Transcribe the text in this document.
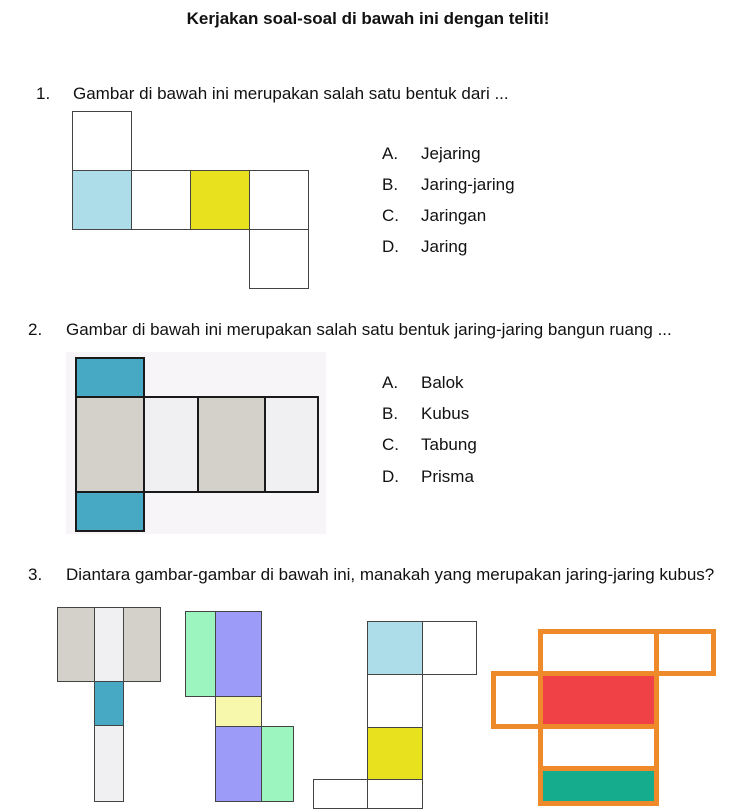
Kerjakan soal-soal di bawah ini dengan teliti!
1. Gambar di bawah ini merupakan salah satu bentuk dari ...
A. Jejaring
B. Jaring-jaring
C. Jaringan
D. Jaring
2. Gambar di bawah ini merupakan salah satu bentuk jaring-jaring bangun ruang ...
A. Balok
B. Kubus
C. Tabung
D. Prisma
3. Diantara gambar-gambar di bawah ini, manakah yang merupakan jaring-jaring kubus?
